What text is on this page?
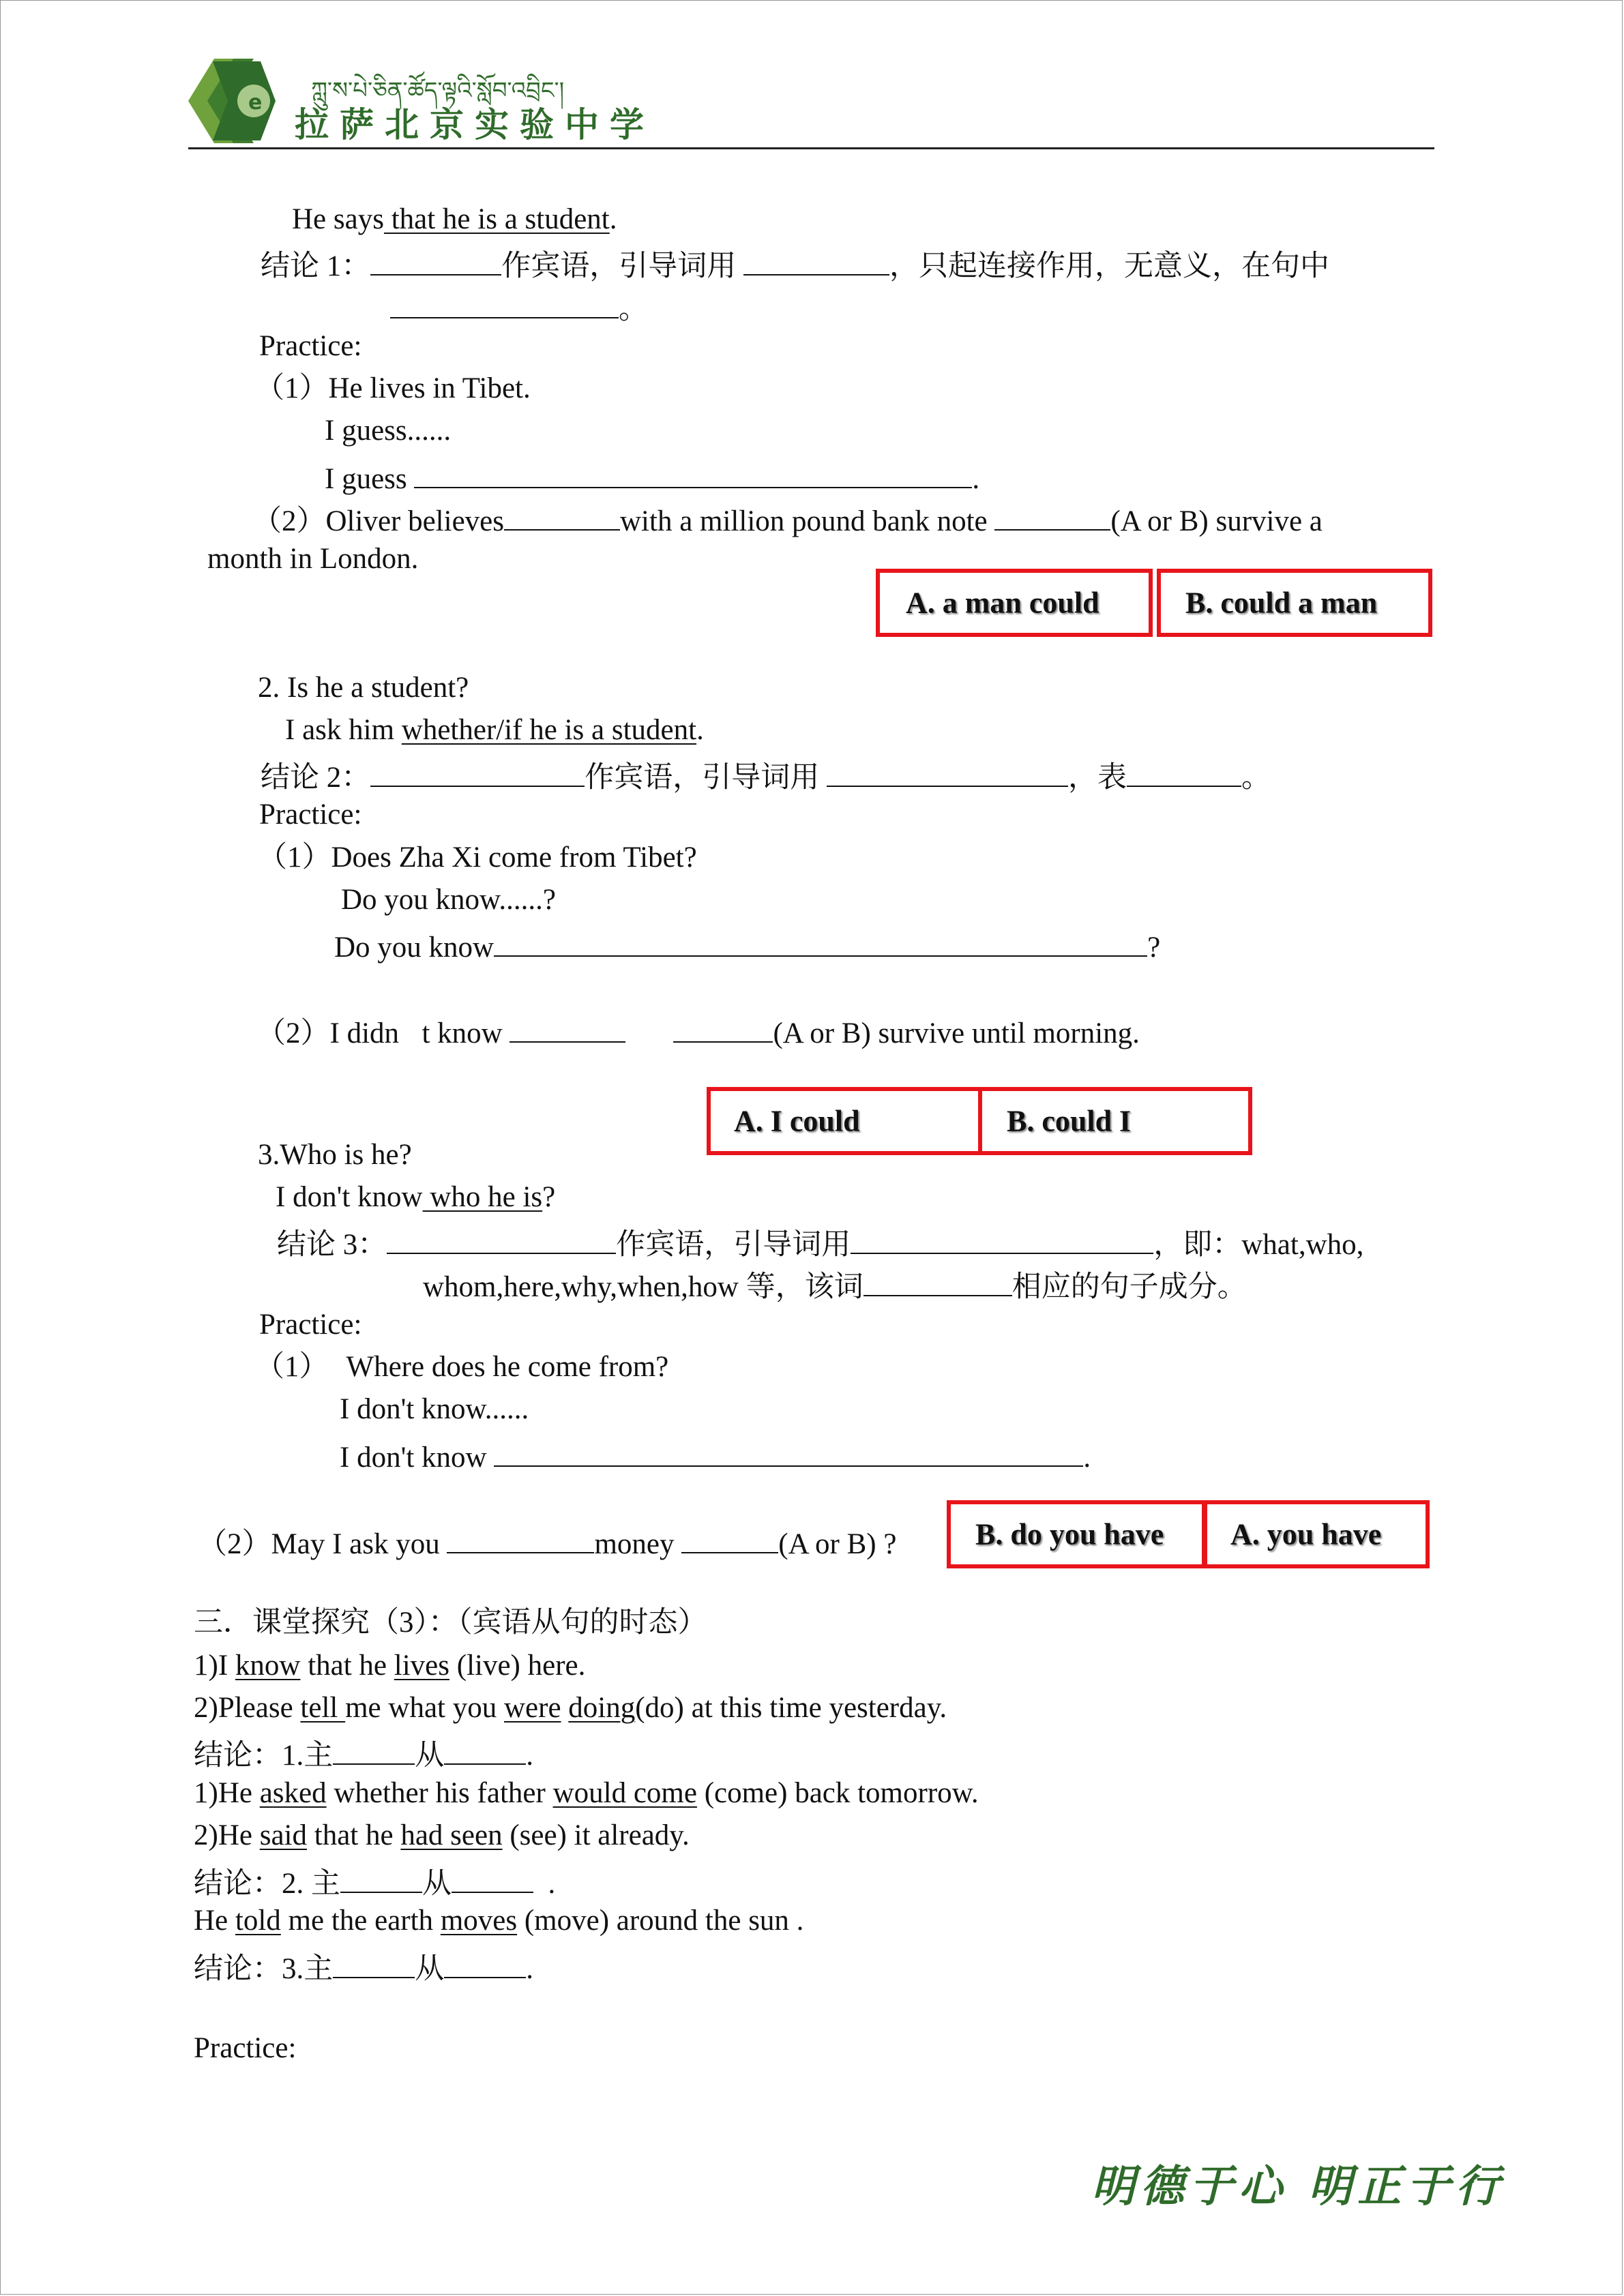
e ཀླུ་ས་པེ་ཅིན་ཚོད་ལྟའི་སློབ་འབྲིང་།
拉萨北京实验中学
He says that he is a student.
结论 1：	作宾语，引导词用	，只起连接作用，无意义，在句中
。
Practice:
（1）He lives in Tibet.
I guess......
I guess	.
（2）Oliver believes	with a million pound bank note	(A or B) survive a
month in London.
A. a man could	B. could a man
2. Is he a student?
I ask him whether/if he is a student.
结论 2：	作宾语，引导词用	，表	。
Practice:
（1）Does Zha Xi come from Tibet?
Do you know......?
Do you know	?
（2）I didn t know	(A or B) survive until morning.
A. I could	B. could I
3.Who is he?
I don't know who he is?
结论 3：	作宾语，引导词用	，即：what,who,
whom,here,why,when,how 等，该词	相应的句子成分。
Practice:
（1） Where does he come from?
I don't know......
I don't know	.
（2）May I ask you	money	(A or B) ?	B. do you have A. you have
三．课堂探究（3）：（宾语从句的时态）
1)I know that he lives (live) here.
2)Please tell me what you were doing(do) at this time yesterday.
结论：1.主	从	.
1)He asked whether his father would come (come) back tomorrow.
2)He said that he had seen (see) it already.
结论：2. 主	从	.
He told me the earth moves (move) around the sun .
结论：3.主	从	.
Practice:
明德于心 明正于行
